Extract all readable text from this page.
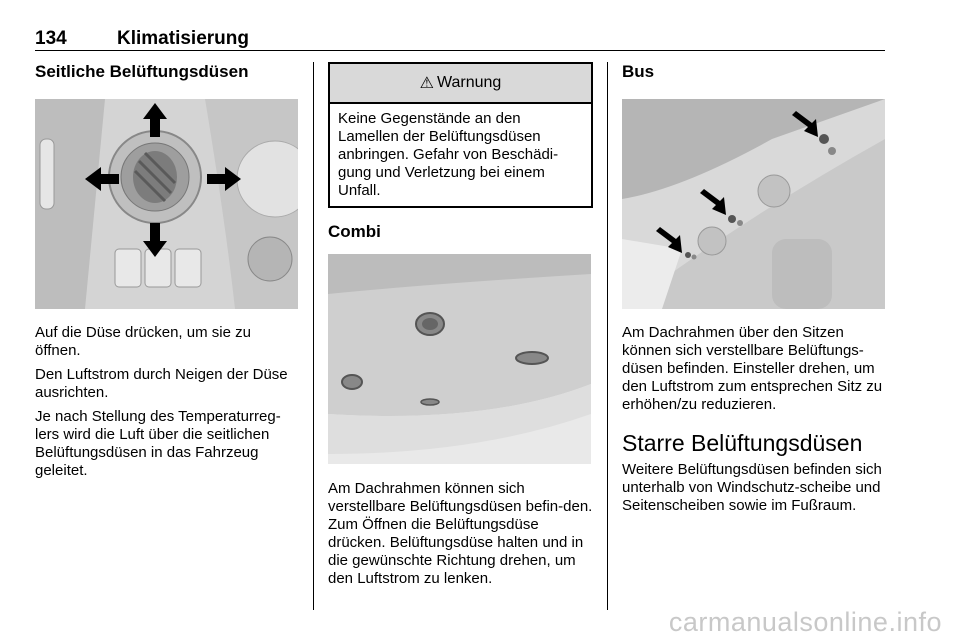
134	Klimatisierung
Seitliche Belüftungsdüsen

Auf die Düse drücken, um sie zu öffnen.

Den Luftstrom durch Neigen der Düse ausrichten.

Je nach Stellung des Temperaturreg-lers wird die Luft über die seitlichen Belüftungsdüsen in das Fahrzeug geleitet.

⚠ Warnung

Keine Gegenstände an den Lamellen der Belüftungsdüsen anbringen. Gefahr von Beschädi-gung und Verletzung bei einem Unfall.

Combi

Am Dachrahmen können sich verstellbare Belüftungsdüsen befin-den. Zum Öffnen die Belüftungsdüse drücken. Belüftungsdüse halten und in die gewünschte Richtung drehen, um den Luftstrom zu lenken.

Bus

Am Dachrahmen über den Sitzen können sich verstellbare Belüftungs-düsen befinden. Einsteller drehen, um den Luftstrom zum entsprechen Sitz zu erhöhen/zu reduzieren.

Starre Belüftungsdüsen

Weitere Belüftungsdüsen befinden sich unterhalb von Windschutz-scheibe und Seitenscheiben sowie im Fußraum.

carmanualsonline.info
